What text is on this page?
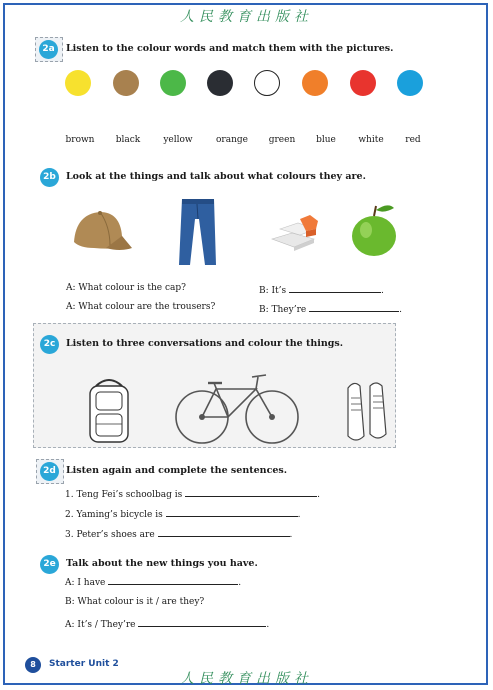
人民教育出版社
2a	Listen to the colour words and match them with the pictures.
brown	black	yellow	orange	green	blue	white	red
2b	Look at the things and talk about what colours they are.
A: What colour is the cap?	B: It’s	.
A: What colour are the trousers?	B: They’re	.
2c	Listen to three conversations and colour the things.
2d	Listen again and complete the sentences.
1. Teng Fei’s schoolbag is	.
2. Yaming’s bicycle is	.
3. Peter’s shoes are	.
2e	Talk about the new things you have.
A: I have	.
B: What colour is it / are they?
A: It’s / They’re	.
8	Starter Unit 2
人民教育出版社
